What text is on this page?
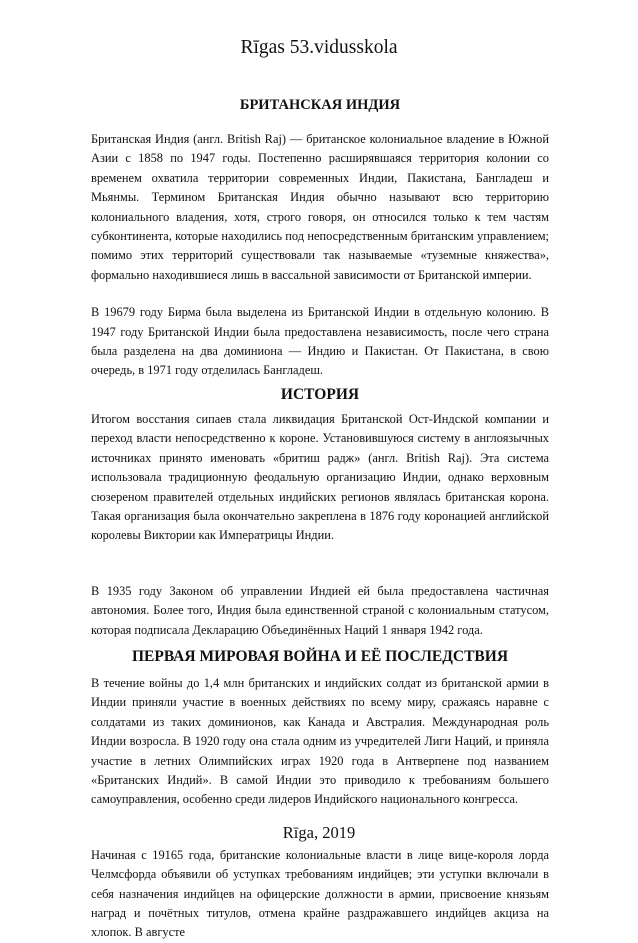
Rīgas 53.vidusskola
БРИТАНСКАЯ ИНДИЯ

Британская Индия (англ. British Raj) — британское колониальное владение в Южной Азии с 1858 по 1947 годы. Постепенно расширявшаяся территория колонии со временем охватила территории современных Индии, Пакистана, Бангладеш и Мьянмы. Термином Британская Индия обычно называют всю территорию колониального владения, хотя, строго говоря, он относился только к тем частям субконтинента, которые находились под непосредственным британским управлением; помимо этих территорий существовали так называемые «туземные княжества», формально находившиеся лишь в вассальной зависимости от Британской империи.

В 19679 году Бирма была выделена из Британской Индии в отдельную колонию. В 1947 году Британской Индии была предоставлена независимость, после чего страна была разделена на два доминиона — Индию и Пакистан. От Пакистана, в свою очередь, в 1971 году отделилась Бангладеш.

ИСТОРИЯ

Итогом восстания сипаев стала ликвидация Британской Ост-Индской компании и переход власти непосредственно к короне. Установившуюся систему в англоязычных источниках принято именовать «бритиш радж» (англ. British Raj). Эта система использовала традиционную феодальную организацию Индии, однако верховным сюзереном правителей отдельных индийских регионов являлась британская корона. Такая организация была окончательно закреплена в 1876 году коронацией английской королевы Виктории как Императрицы Индии.

В 1935 году Законом об управлении Индией ей была предоставлена частичная автономия. Более того, Индия была единственной страной с колониальным статусом, которая подписала Декларацию Объединённых Наций 1 января 1942 года.

ПЕРВАЯ МИРОВАЯ ВОЙНА И ЕЁ ПОСЛЕДСТВИЯ

В течение войны до 1,4 млн британских и индийских солдат из британской армии в Индии приняли участие в военных действиях по всему миру, сражаясь наравне с солдатами из таких доминионов, как Канада и Австралия. Международная роль Индии возросла. В 1920 году она стала одним из учредителей Лиги Наций, и приняла участие в летних Олимпийских играх 1920 года в Антверпене под названием «Британских Индий». В самой Индии это приводило к требованиям большего самоуправления, особенно среди лидеров Индийского национального конгресса.

Начиная с 19165 года, британские колониальные власти в лице вице-короля лорда Челмсфорда объявили об уступках требованиям индийцев; эти уступки включали в себя назначения индийцев на офицерские должности в армии, присвоение князьям наград и почётных титулов, отмена крайне раздражавшего индийцев акциза на хлопок. В августе

Rīga, 2019
